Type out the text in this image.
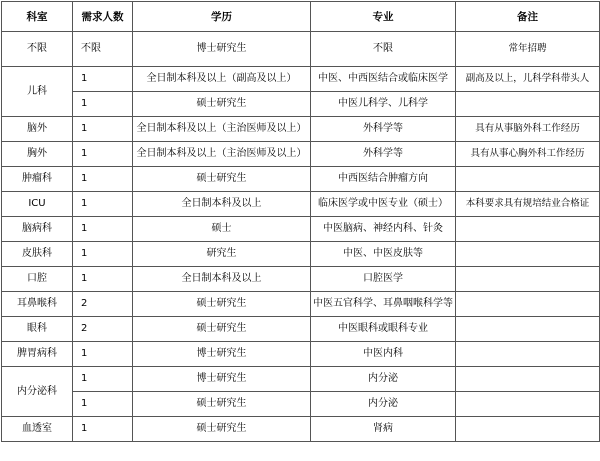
科室	需求人数	学历	专业	备注
不限	不限	博士研究生	不限	常年招聘
儿科	1	全日制本科及以上（副高及以上）	中医、中西医结合或临床医学	副高及以上，儿科学科带头人
	1	硕士研究生	中医儿科学、儿科学	
脑外	1	全日制本科及以上（主治医师及以上）	外科学等	具有从事脑外科工作经历
胸外	1	全日制本科及以上（主治医师及以上）	外科学等	具有从事心胸外科工作经历
肿瘤科	1	硕士研究生	中西医结合肿瘤方向	
ICU	1	全日制本科及以上	临床医学或中医专业（硕士）	本科要求具有规培结业合格证
脑病科	1	硕士	中医脑病、神经内科、针灸	
皮肤科	1	研究生	中医、中医皮肤等	
口腔	1	全日制本科及以上	口腔医学	
耳鼻喉科	2	硕士研究生	中医五官科学、耳鼻咽喉科学等	
眼科	2	硕士研究生	中医眼科或眼科专业	
脾胃病科	1	博士研究生	中医内科	
内分泌科	1	博士研究生	内分泌	
	1	硕士研究生	内分泌	
血透室	1	硕士研究生	肾病	
